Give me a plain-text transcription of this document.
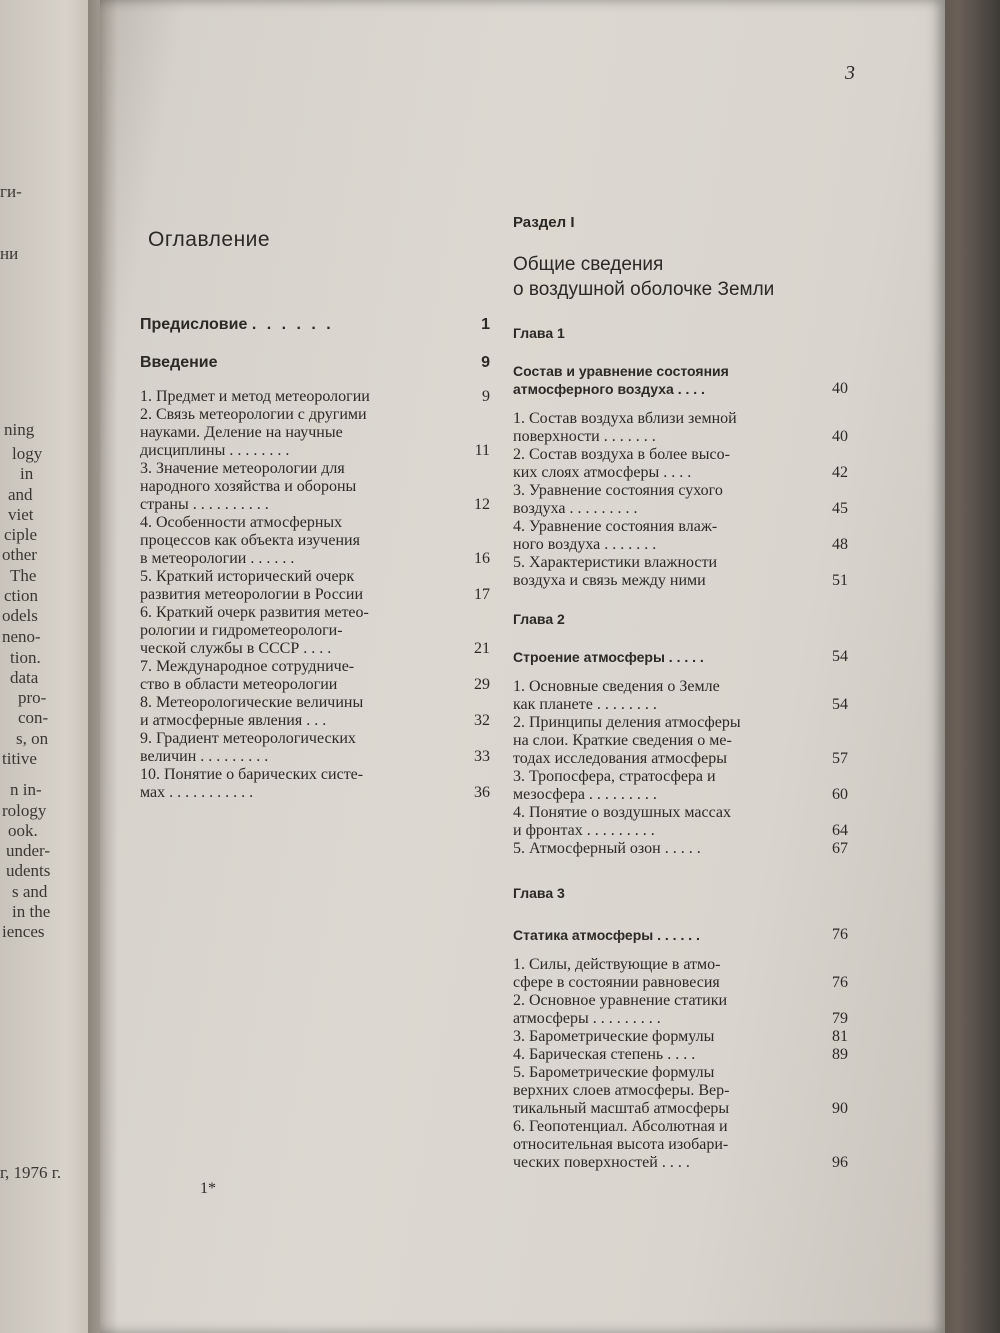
ги-
ни
ning
logy
in
and
viet
ciple
other
The
ction
odels
neno-
tion.
data
pro-
con-
s, on
titive
n in-
rology
ook.
under-
udents
s and
in the
iences
г, 1976 г.
3
Оглавление
Предисловие . . . . . .	1
Введение	9
1. Предмет и метод метеорологии	9
2. Связь метеорологии с другими
науками. Деление на научные
дисциплины . . . . . . . .	11
3. Значение метеорологии для
народного хозяйства и обороны
страны . . . . . . . . . .	12
4. Особенности атмосферных
процессов как объекта изучения
в метеорологии . . . . . .	16
5. Краткий исторический очерк
развития метеорологии в России	17
6. Краткий очерк развития метео-
рологии и гидрометеорологи-
ческой службы в СССР . . . .	21
7. Международное сотрудниче-
ство в области метеорологии	29
8. Метеорологические величины
и атмосферные явления . . .	32
9. Градиент метеорологических
величин . . . . . . . . .	33
10. Понятие о барических систе-
мах . . . . . . . . . . .	36
Раздел I
Общие сведения
о воздушной оболочке Земли
Глава 1
Состав и уравнение состояния
атмосферного воздуха . . . .	40
1. Состав воздуха вблизи земной
поверхности . . . . . . .	40
2. Состав воздуха в более высо-
ких слоях атмосферы . . . .	42
3. Уравнение состояния сухого
воздуха . . . . . . . . .	45
4. Уравнение состояния влаж-
ного воздуха . . . . . . .	48
5. Характеристики влажности
воздуха и связь между ними	51
Глава 2
Строение атмосферы . . . . .	54
1. Основные сведения о Земле
как планете . . . . . . . .	54
2. Принципы деления атмосферы
на слои. Краткие сведения о ме-
тодах исследования атмосферы	57
3. Тропосфера, стратосфера и
мезосфера . . . . . . . . .	60
4. Понятие о воздушных массах
и фронтах . . . . . . . . .	64
5. Атмосферный озон . . . . .	67
Глава 3
Статика атмосферы . . . . . .	76
1. Силы, действующие в атмо-
сфере в состоянии равновесия	76
2. Основное уравнение статики
атмосферы . . . . . . . . .	79
3. Барометрические формулы	81
4. Барическая степень . . . .	89
5. Барометрические формулы
верхних слоев атмосферы. Вер-
тикальный масштаб атмосферы	90
6. Геопотенциал. Абсолютная и
относительная высота изобари-
ческих поверхностей . . . .	96
1*
